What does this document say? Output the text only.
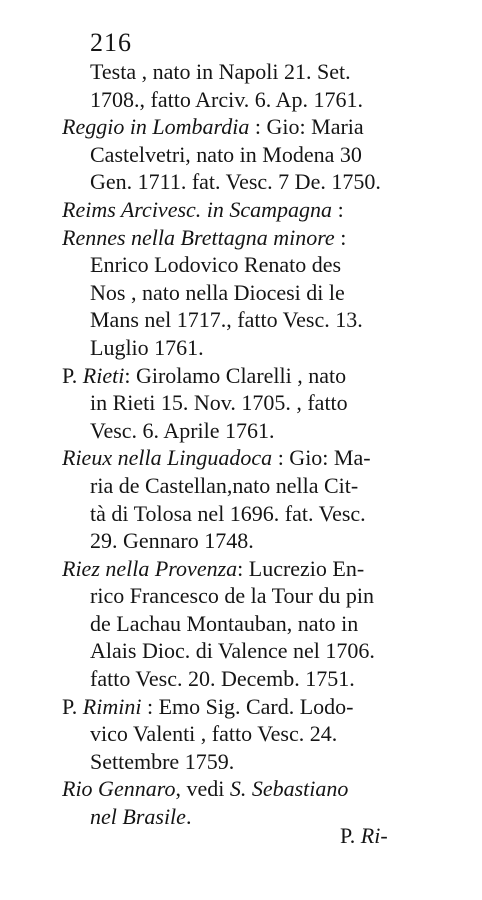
216
Testa , nato in Napoli 21. Set.
1708., fatto Arciv. 6. Ap. 1761.
Reggio in Lombardia : Gio: Maria
Castelvetri, nato in Modena 30
Gen. 1711. fat. Vesc. 7 De. 1750.
Reims Arcivesc. in Scampagna :
Rennes nella Brettagna minore :
Enrico Lodovico Renato des
Nos , nato nella Diocesi di le
Mans nel 1717., fatto Vesc. 13.
Luglio 1761.
P. Rieti: Girolamo Clarelli , nato
in Rieti 15. Nov. 1705. , fatto
Vesc. 6. Aprile 1761.
Rieux nella Linguadoca : Gio: Ma-
ria de Castellan,nato nella Cit-
tà di Tolosa nel 1696. fat. Vesc.
29. Gennaro 1748.
Riez nella Provenza: Lucrezio En-
rico Francesco de la Tour du pin
de Lachau Montauban, nato in
Alais Dioc. di Valence nel 1706.
fatto Vesc. 20. Decemb. 1751.
P. Rimini : Emo Sig. Card. Lodo-
vico Valenti , fatto Vesc. 24.
Settembre 1759.
Rio Gennaro, vedi S. Sebastiano
nel Brasile.
P. Ri-
